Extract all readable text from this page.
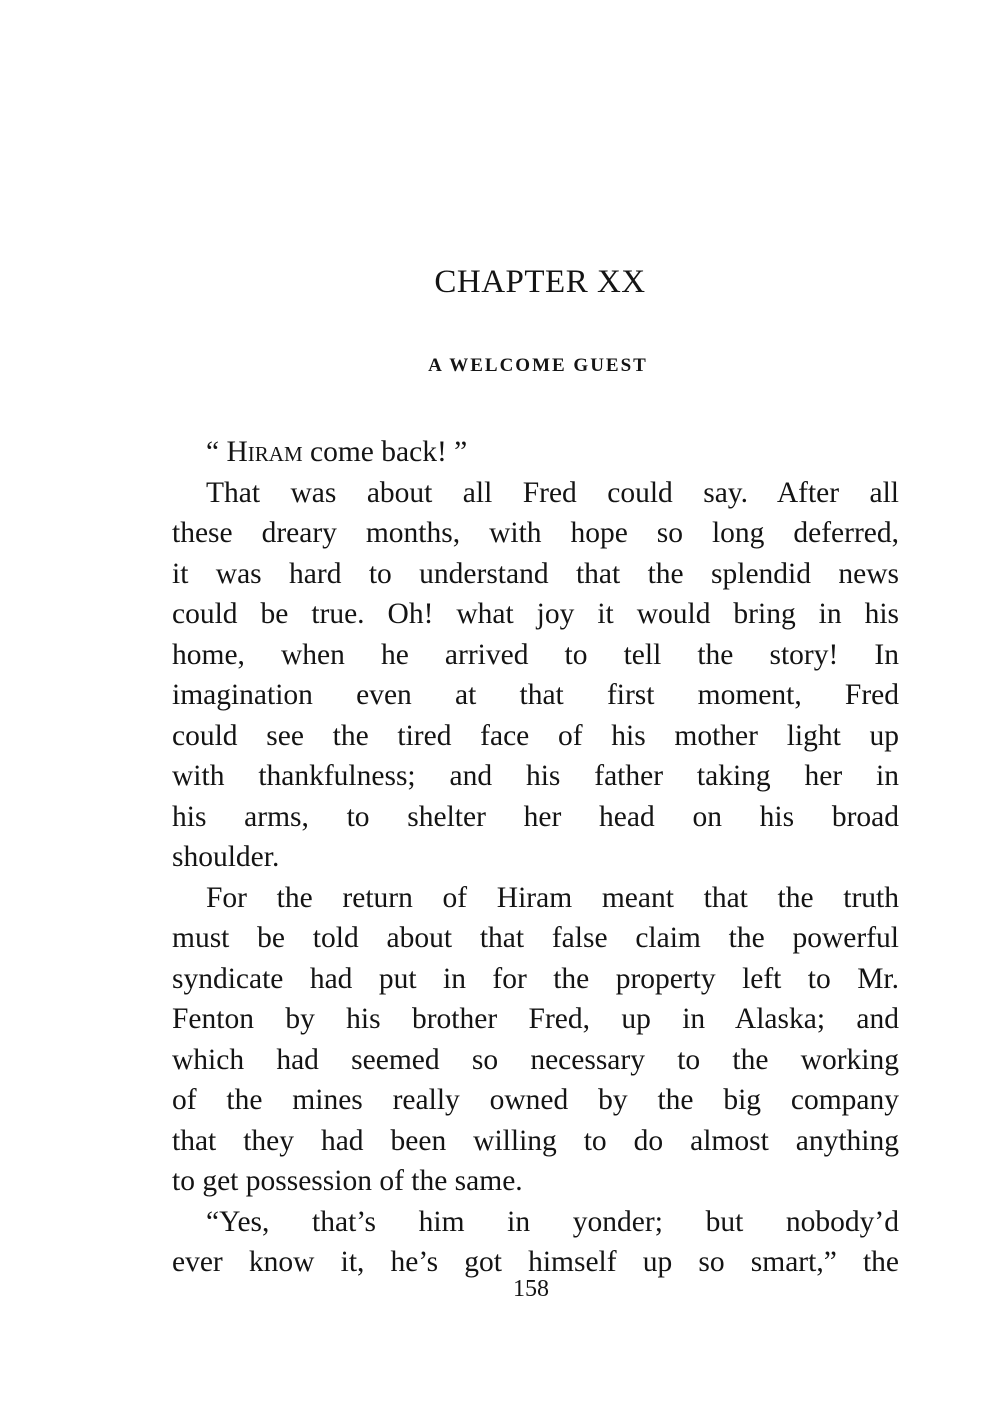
CHAPTER XX
A WELCOME GUEST
“ Hiram come back! ”
That was about all Fred could say. After all
these dreary months, with hope so long deferred,
it was hard to understand that the splendid news
could be true. Oh! what joy it would bring in his
home, when he arrived to tell the story! In
imagination even at that first moment, Fred
could see the tired face of his mother light up
with thankfulness; and his father taking her in
his arms, to shelter her head on his broad
shoulder.
For the return of Hiram meant that the truth
must be told about that false claim the powerful
syndicate had put in for the property left to Mr.
Fenton by his brother Fred, up in Alaska; and
which had seemed so necessary to the working
of the mines really owned by the big company
that they had been willing to do almost anything
to get possession of the same.
“Yes, that’s him in yonder; but nobody’d
ever know it, he’s got himself up so smart,” the
158
